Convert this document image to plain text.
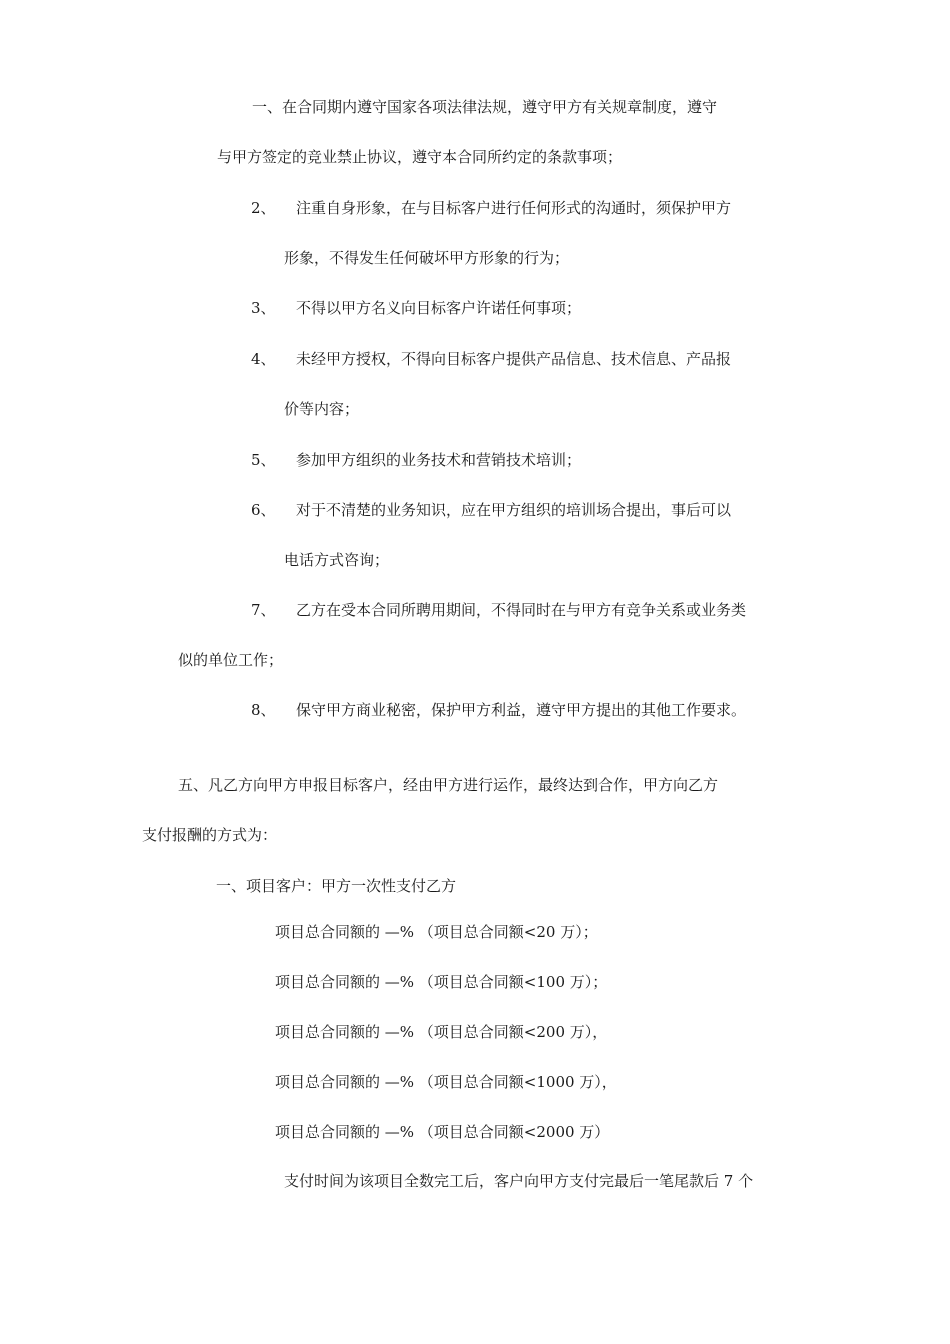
一、在合同期内遵守国家各项法律法规，遵守甲方有关规章制度，遵守
与甲方签定的竞业禁止协议，遵守本合同所约定的条款事项；
2、 注重自身形象，在与目标客户进行任何形式的沟通时，须保护甲方
形象，不得发生任何破坏甲方形象的行为；
3、 不得以甲方名义向目标客户许诺任何事项；
4、 未经甲方授权，不得向目标客户提供产品信息、技术信息、产品报
价等内容；
5、 参加甲方组织的业务技术和营销技术培训；
6、 对于不清楚的业务知识，应在甲方组织的培训场合提出，事后可以
电话方式咨询；
7、 乙方在受本合同所聘用期间，不得同时在与甲方有竞争关系或业务类
似的单位工作；
8、 保守甲方商业秘密，保护甲方利益，遵守甲方提出的其他工作要求。
五、凡乙方向甲方申报目标客户，经由甲方进行运作，最终达到合作，甲方向乙方
支付报酬的方式为：
一、项目客户：甲方一次性支付乙方
项目总合同额的 —% （项目总合同额<20 万）；
项目总合同额的 —% （项目总合同额<100 万）；
项目总合同额的 —% （项目总合同额<200 万），
项目总合同额的 —% （项目总合同额<1000 万），
项目总合同额的 —% （项目总合同额<2000 万）
支付时间为该项目全数完工后，客户向甲方支付完最后一笔尾款后 7 个
